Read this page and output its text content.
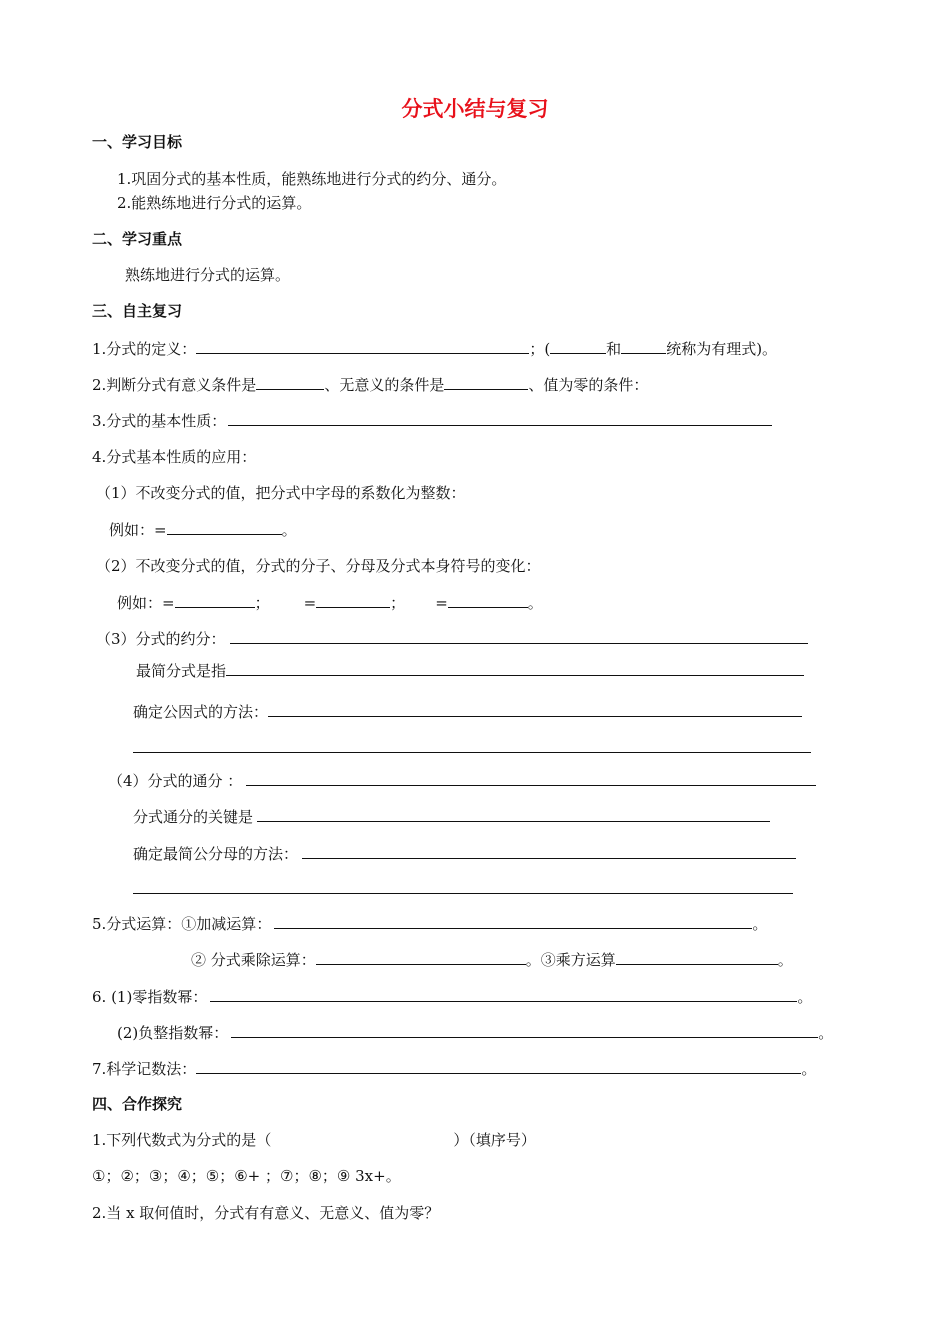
分式小结与复习
一、学习目标
1.巩固分式的基本性质，能熟练地进行分式的约分、通分。
2.能熟练地进行分式的运算。
二、学习重点
熟练地进行分式的运算。
三、自主复习
1.分式的定义：	；(	和	统称为有理式)。
2.判断分式有意义条件是	、无意义的条件是	、值为零的条件：
3.分式的基本性质：
4.分式基本性质的应用：
（1）不改变分式的值，把分式中字母的系数化为整数：
例如：=	。
（2）不改变分式的值，分式的分子、分母及分式本身符号的变化：
例如：=	； =	； =	。
（3）分式的约分：
最简分式是指
确定公因式的方法：
（4）分式的通分 ：
分式通分的关键是
确定最简公分母的方法：
5.分式运算：①加减运算：	。
② 分式乘除运算：	。③乘方运算	。
6. (1)零指数幂：	。
(2)负整指数幂：	。
7.科学记数法：	。
四、合作探究
1.下列代数式为分式的是（	）（填序号）
①；②；③；④；⑤；⑥+ ；⑦；⑧；⑨ 3x+。
2.当 x 取何值时，分式有有意义、无意义、值为零？
